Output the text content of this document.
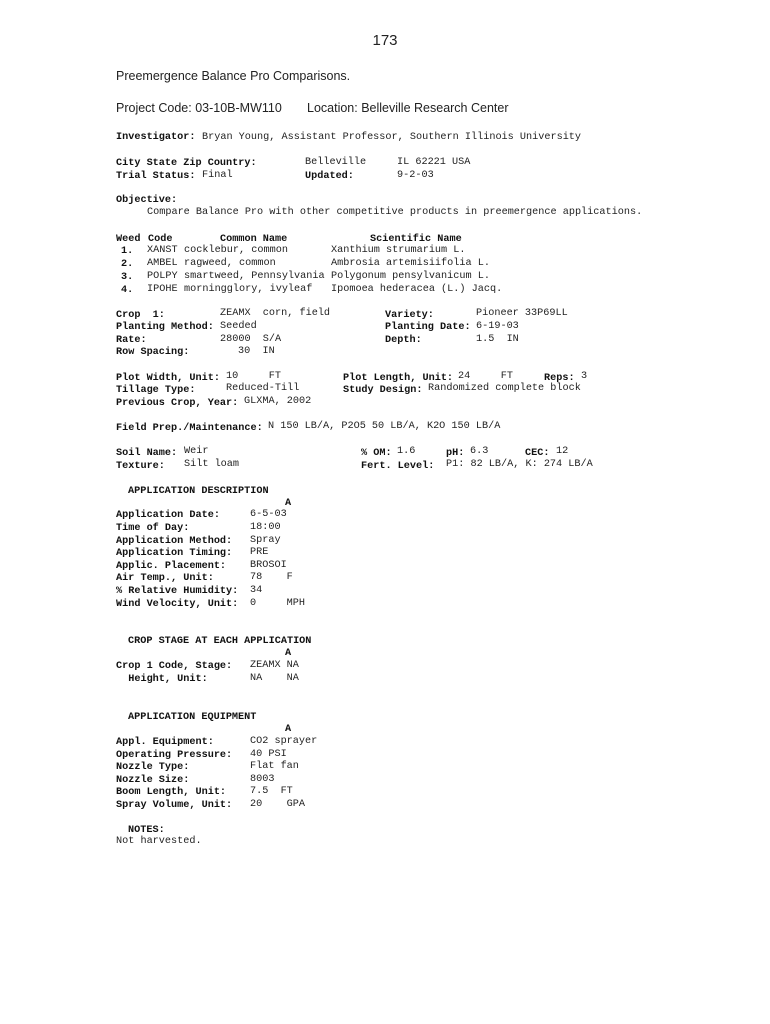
173
Preemergence Balance Pro Comparisons.
Project Code: 03-10B-MW110 Location: Belleville Research Center
Investigator: Bryan Young, Assistant Professor, Southern Illinois University
City State Zip Country:	Belleville	IL 62221 USA
Trial Status: Final	Updated:	9-2-03
Objective:
Compare Balance Pro with other competitive products in preemergence applications.
Weed Code	Common Name	Scientific Name
1. XANST cocklebur, common	Xanthium strumarium L.
2. AMBEL ragweed, common	Ambrosia artemisiifolia L.
3. POLPY smartweed, Pennsylvania Polygonum pensylvanicum L.
4. IPOHE morningglory, ivyleaf Ipomoea hederacea (L.) Jacq.
Crop  1:	ZEAMX  corn, field
Planting Method: Seeded
Rate:	28000  S/A
Row Spacing:	30  IN
Variety:	Pioneer 33P69LL
Planting Date: 6-19-03
Depth:	1.5  IN
Plot Width, Unit: 10     FT
Tillage Type:	Reduced-Till
Previous Crop, Year: GLXMA, 2002
Plot Length, Unit: 24     FT	Reps: 3
Study Design: Randomized complete block
Field Prep./Maintenance: N 150 LB/A, P2O5 50 LB/A, K2O 150 LB/A
Soil Name: Weir
Texture: Silt loam
% OM: 1.6	pH: 6.3	CEC: 12
Fert. Level: P1: 82 LB/A, K: 274 LB/A
APPLICATION DESCRIPTION
A
Application Date:	6-5-03
Time of Day:	18:00
Application Method: Spray
Application Timing: PRE
Applic. Placement: BROSOI
Air Temp., Unit:	78    F
% Relative Humidity: 34
Wind Velocity, Unit: 0     MPH
CROP STAGE AT EACH APPLICATION
A
Crop 1 Code, Stage: ZEAMX NA
Height, Unit:	NA    NA
APPLICATION EQUIPMENT
A
Appl. Equipment:	CO2 sprayer
Operating Pressure: 40 PSI
Nozzle Type:	Flat fan
Nozzle Size:	8003
Boom Length, Unit: 7.5  FT
Spray Volume, Unit: 20    GPA
NOTES:
Not harvested.
